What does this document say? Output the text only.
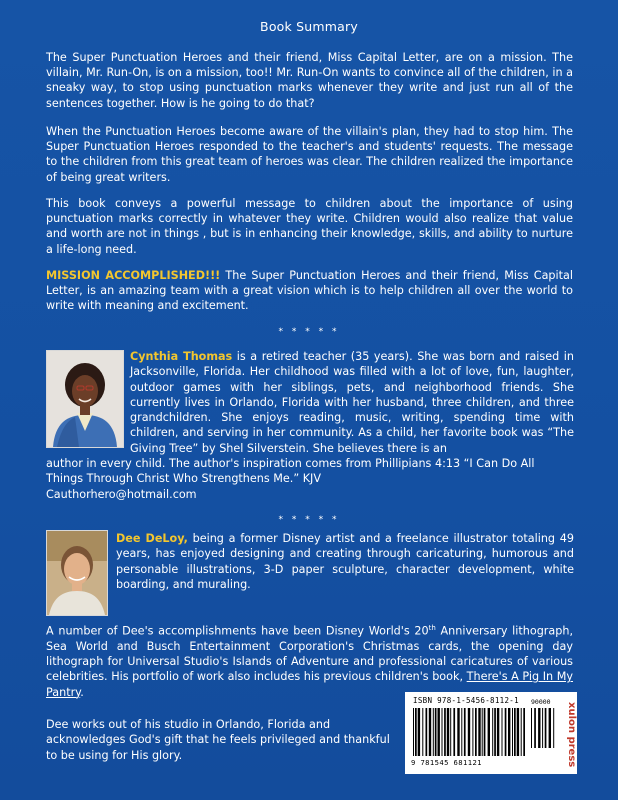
Book Summary

The Super Punctuation Heroes and their friend, Miss Capital Letter, are on a mission. The villain, Mr. Run-On, is on a mission, too!! Mr. Run-On wants to convince all of the children, in a sneaky way, to stop using punctuation marks whenever they write and just run all of the sentences together. How is he going to do that?

When the Punctuation Heroes become aware of the villain's plan, they had to stop him. The Super Punctuation Heroes responded to the teacher's and students' requests. The message to the children from this great team of heroes was clear. The children realized the importance of being great writers.

This book conveys a powerful message to children about the importance of using punctuation marks correctly in whatever they write. Children would also realize that value and worth are not in things , but is in enhancing their knowledge, skills, and ability to nurture a life-long need.

MISSION ACCOMPLISHED!!! The Super Punctuation Heroes and their friend, Miss Capital Letter, is an amazing team with a great vision which is to help children all over the world to write with meaning and excitement.

* * * * *

Cynthia Thomas is a retired teacher (35 years). She was born and raised in Jacksonville, Florida. Her childhood was filled with a lot of love, fun, laughter, outdoor games with her siblings, pets, and neighborhood friends. She currently lives in Orlando, Florida with her husband, three children, and three grandchildren. She enjoys reading, music, writing, spending time with children, and serving in her community. As a child, her favorite book was “The Giving Tree” by Shel Silverstein. She believes there is an

author in every child. The author's inspiration comes from Phillipians 4:13 “I Can Do All Things Through Christ Who Strengthens Me.” KJV
Cauthorhero@hotmail.com
* * * * *

Dee DeLoy, being a former Disney artist and a freelance illustrator totaling 49 years, has enjoyed designing and creating through caricaturing, humorous and personable illustrations, 3-D paper sculpture, character development, white boarding, and muraling.

A number of Dee's accomplishments have been Disney World's 20th Anniversary lithograph, Sea World and Busch Entertainment Corporation's Christmas cards, the opening day lithograph for Universal Studio's Islands of Adventure and professional caricatures of various celebrities. His portfolio of work also includes his previous children's book, There's A Pig In My Pantry.

Dee works out of his studio in Orlando, Florida and acknowledges God's gift that he feels privileged and thankful to be using for His glory.

ISBN 978-1-5456-8112-1 90000
9 781545 681121	xulon press
